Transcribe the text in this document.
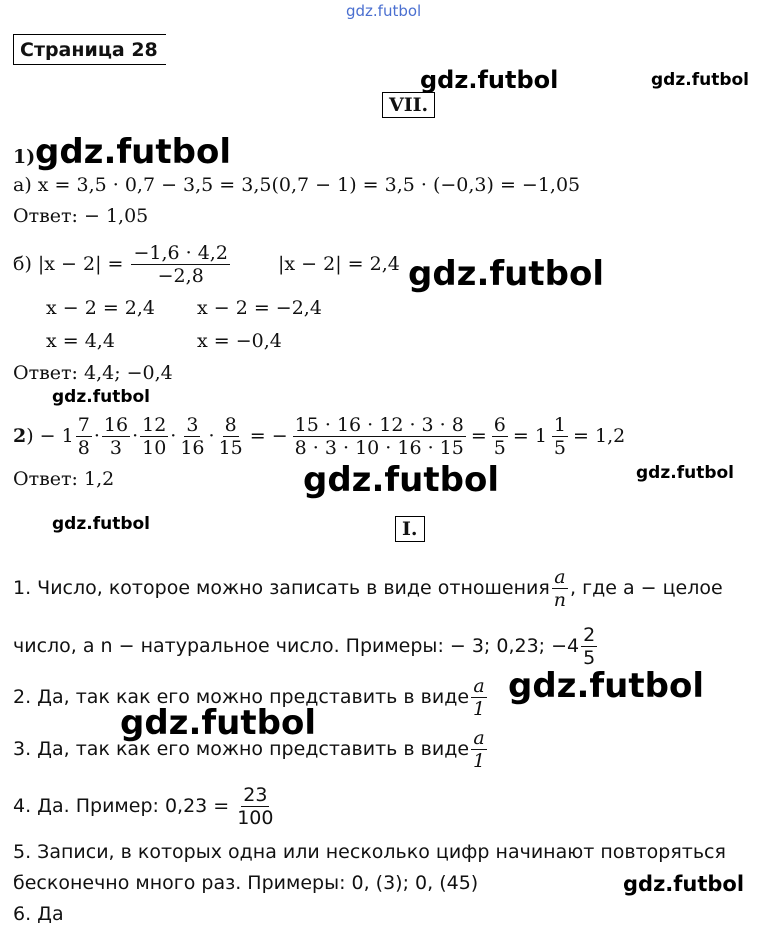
gdz.futbol
Страница 28
gdz.futbol	gdz.futbol
VII.
1) gdz.futbol
а) x = 3,5 · 0,7 − 3,5 = 3,5(0,7 − 1) = 3,5 · (−0,3) = −1,05
Ответ: − 1,05
б) $|x - 2| = \frac{-1,6 \cdot 4,2}{-2,8}$	|x − 2| = 2,4 gdz.futbol
x − 2 = 2,4 x − 2 = −2,4
x = 4,4	x = −0,4
Ответ: 4,4; −0,4
gdz.futbol
2 ) − $1 \frac{7}{8} \cdot \frac{16}{3} \cdot \frac{12}{10} \cdot \frac{3}{16} \cdot \frac{8}{15}$ = − $\frac{15 \cdot 16 \cdot 12 \cdot 3 \cdot 8}{8 \cdot 3 \cdot 10 \cdot 16 \cdot 15} = \frac{6}{5} = 1 \frac{1}{5} = 1,2$
Ответ: 1,2	gdz.futbol	gdz.futbol
gdz.futbol	I.
1. Число, которое можно записать в виде отношения $\frac{a}{n}$ , где a − целое
число, а n − натуральное число. Примеры: − 3; 0,23; $-4 \frac{2}{5}$
2. Да, так как его можно представить в виде $\frac{a}{1}$ gdz.futbol
gdz.futbol
3. Да, так как его можно представить в виде $\frac{a}{1}$
4. Да. Пример: $0,23 = \frac{23}{100}$
5. Записи, в которых одна или несколько цифр начинают повторяться
бесконечно много раз. Примеры: 0, (3); 0, (45)	gdz.futbol
6. Да
